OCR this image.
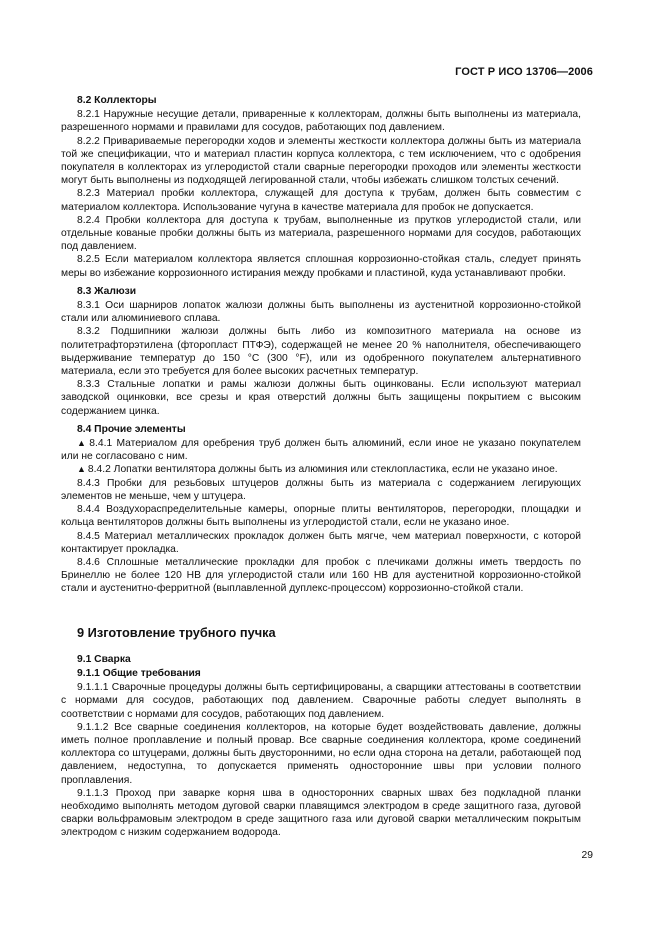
ГОСТ Р ИСО 13706—2006
8.2 Коллекторы

8.2.1 Наружные несущие детали, приваренные к коллекторам, должны быть выполнены из материала, разрешенного нормами и правилами для сосудов, работающих под давлением.

8.2.2 Привариваемые перегородки ходов и элементы жесткости коллектора должны быть из материала той же спецификации, что и материал пластин корпуса коллектора, с тем исключением, что с одобрения покупателя в коллекторах из углеродистой стали сварные перегородки проходов или элементы жесткости могут быть выполнены из подходящей легированной стали, чтобы избежать слишком толстых сечений.

8.2.3 Материал пробки коллектора, служащей для доступа к трубам, должен быть совместим с материалом коллектора. Использование чугуна в качестве материала для пробок не допускается.

8.2.4 Пробки коллектора для доступа к трубам, выполненные из прутков углеродистой стали, или отдельные кованые пробки должны быть из материала, разрешенного нормами для сосудов, работающих под давлением.

8.2.5 Если материалом коллектора является сплошная коррозионно-стойкая сталь, следует принять меры во избежание коррозионного истирания между пробками и пластиной, куда устанавливают пробки.

8.3 Жалюзи

8.3.1 Оси шарниров лопаток жалюзи должны быть выполнены из аустенитной коррозионно-стойкой стали или алюминиевого сплава.

8.3.2 Подшипники жалюзи должны быть либо из композитного материала на основе из политетрафторэтилена (фторопласт ПТФЭ), содержащей не менее 20 % наполнителя, обеспечивающего выдерживание температур до 150 °С (300 °F), или из одобренного покупателем альтернативного материала, если это требуется для более высоких расчетных температур.

8.3.3 Стальные лопатки и рамы жалюзи должны быть оцинкованы. Если используют материал заводской оцинковки, все срезы и края отверстий должны быть защищены покрытием с высоким содержанием цинка.

8.4 Прочие элементы

▲ 8.4.1 Материалом для оребрения труб должен быть алюминий, если иное не указано покупателем или не согласовано с ним.

▲ 8.4.2 Лопатки вентилятора должны быть из алюминия или стеклопластика, если не указано иное.

8.4.3 Пробки для резьбовых штуцеров должны быть из материала с содержанием легирующих элементов не меньше, чем у штуцера.

8.4.4 Воздухораспределительные камеры, опорные плиты вентиляторов, перегородки, площадки и кольца вентиляторов должны быть выполнены из углеродистой стали, если не указано иное.

8.4.5 Материал металлических прокладок должен быть мягче, чем материал поверхности, с которой контактирует прокладка.

8.4.6 Сплошные металлические прокладки для пробок с плечиками должны иметь твердость по Бринеллю не более 120 HB для углеродистой стали или 160 HB для аустенитной коррозионно-стойкой стали и аустенитно-ферритной (выплавленной дуплекс-процессом) коррозионно-стойкой стали.

9 Изготовление трубного пучка
9.1 Сварка
9.1.1 Общие требования

9.1.1.1 Сварочные процедуры должны быть сертифицированы, а сварщики аттестованы в соответствии с нормами для сосудов, работающих под давлением. Сварочные работы следует выполнять в соответствии с нормами для сосудов, работающих под давлением.

9.1.1.2 Все сварные соединения коллекторов, на которые будет воздействовать давление, должны иметь полное проплавление и полный провар. Все сварные соединения коллектора, кроме соединений коллектора со штуцерами, должны быть двусторонними, но если одна сторона на детали, работающей под давлением, недоступна, то допускается применять односторонние швы при условии полного проплавления.

9.1.1.3 Проход при заварке корня шва в односторонних сварных швах без подкладной планки необходимо выполнять методом дуговой сварки плавящимся электродом в среде защитного газа, дуговой сварки вольфрамовым электродом в среде защитного газа или дуговой сварки металлическим покрытым электродом с низким содержанием водорода.

29
